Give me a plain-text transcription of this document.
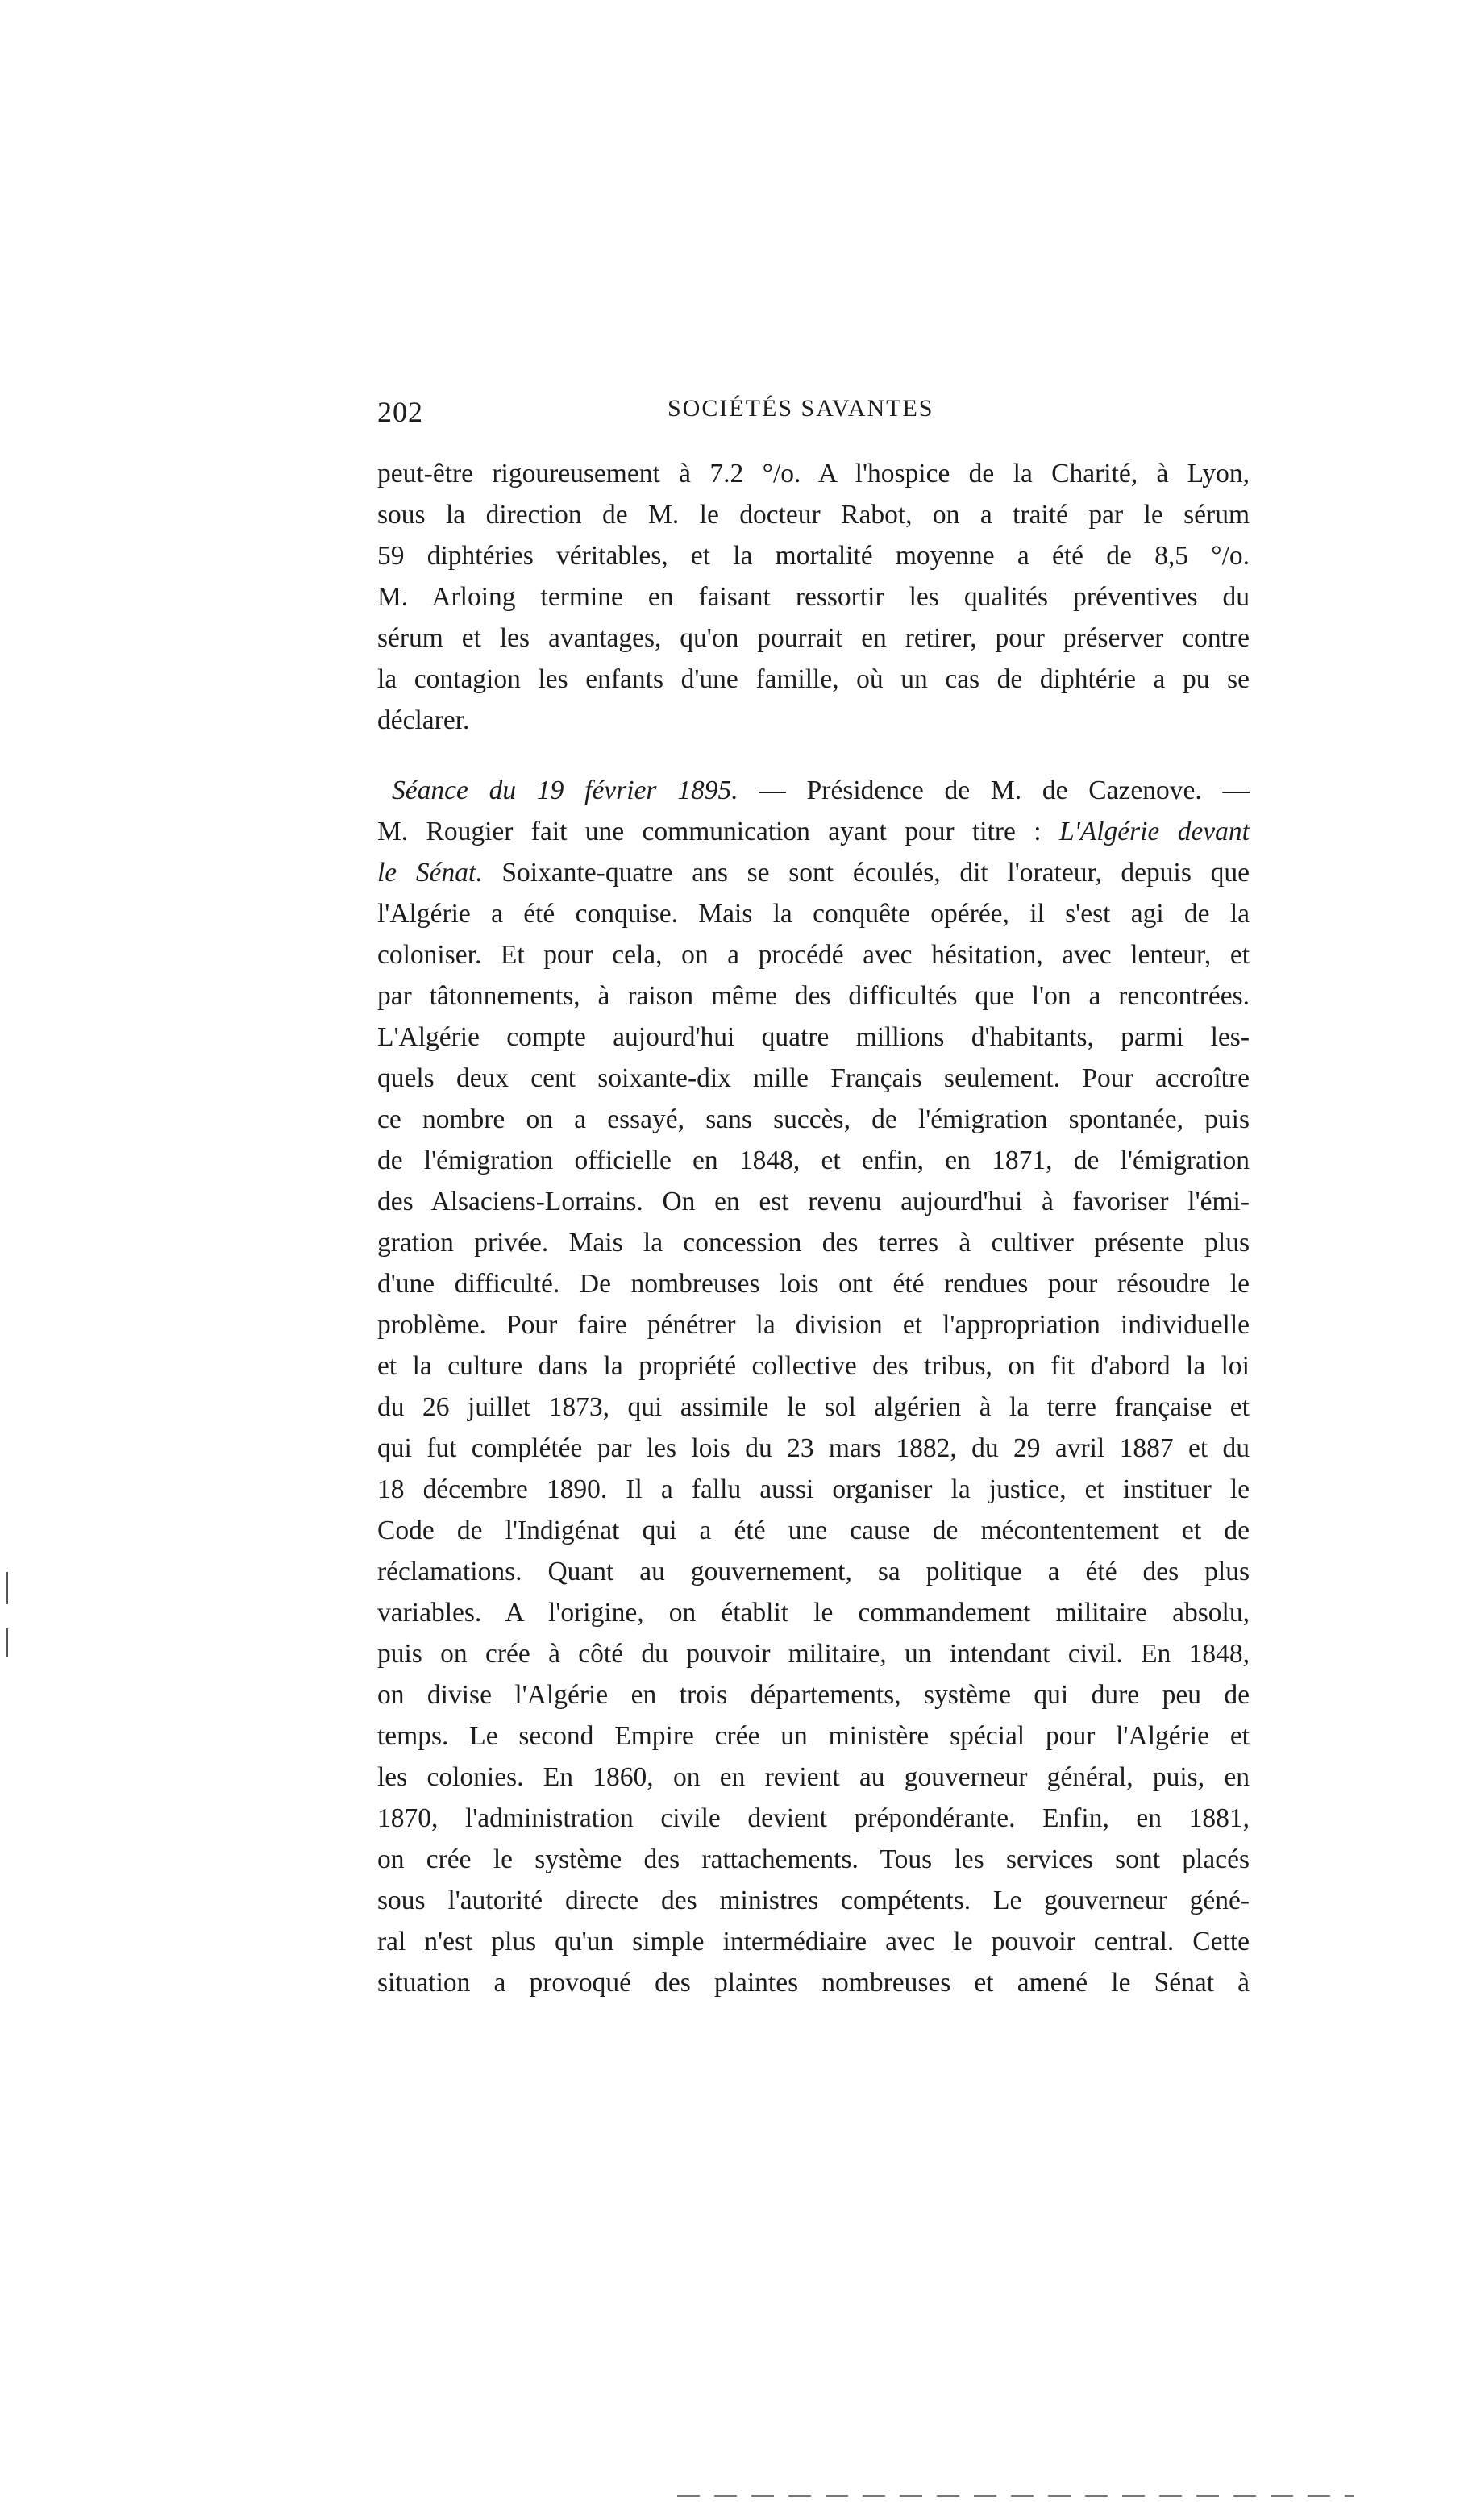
202	SOCIÉTÉS SAVANTES
peut-être rigoureusement à 7.2 °/o. A l'hospice de la Charité, à Lyon,
sous la direction de M. le docteur Rabot, on a traité par le sérum
59 diphtéries véritables, et la mortalité moyenne a été de 8,5 °/o.
M. Arloing termine en faisant ressortir les qualités préventives du
sérum et les avantages, qu'on pourrait en retirer, pour préserver contre
la contagion les enfants d'une famille, où un cas de diphtérie a pu se
déclarer.
Séance du 19 février 1895. — Présidence de M. de Cazenove. —
M. Rougier fait une communication ayant pour titre : L'Algérie devant
le Sénat. Soixante-quatre ans se sont écoulés, dit l'orateur, depuis que
l'Algérie a été conquise. Mais la conquête opérée, il s'est agi de la
coloniser. Et pour cela, on a procédé avec hésitation, avec lenteur, et
par tâtonnements, à raison même des difficultés que l'on a rencontrées.
L'Algérie compte aujourd'hui quatre millions d'habitants, parmi les-
quels deux cent soixante-dix mille Français seulement. Pour accroître
ce nombre on a essayé, sans succès, de l'émigration spontanée, puis
de l'émigration officielle en 1848, et enfin, en 1871, de l'émigration
des Alsaciens-Lorrains. On en est revenu aujourd'hui à favoriser l'émi-
gration privée. Mais la concession des terres à cultiver présente plus
d'une difficulté. De nombreuses lois ont été rendues pour résoudre le
problème. Pour faire pénétrer la division et l'appropriation individuelle
et la culture dans la propriété collective des tribus, on fit d'abord la loi
du 26 juillet 1873, qui assimile le sol algérien à la terre française et
qui fut complétée par les lois du 23 mars 1882, du 29 avril 1887 et du
18 décembre 1890. Il a fallu aussi organiser la justice, et instituer le
Code de l'Indigénat qui a été une cause de mécontentement et de
réclamations. Quant au gouvernement, sa politique a été des plus
variables. A l'origine, on établit le commandement militaire absolu,
puis on crée à côté du pouvoir militaire, un intendant civil. En 1848,
on divise l'Algérie en trois départements, système qui dure peu de
temps. Le second Empire crée un ministère spécial pour l'Algérie et
les colonies. En 1860, on en revient au gouverneur général, puis, en
1870, l'administration civile devient prépondérante. Enfin, en 1881,
on crée le système des rattachements. Tous les services sont placés
sous l'autorité directe des ministres compétents. Le gouverneur géné-
ral n'est plus qu'un simple intermédiaire avec le pouvoir central. Cette
situation a provoqué des plaintes nombreuses et amené le Sénat à
